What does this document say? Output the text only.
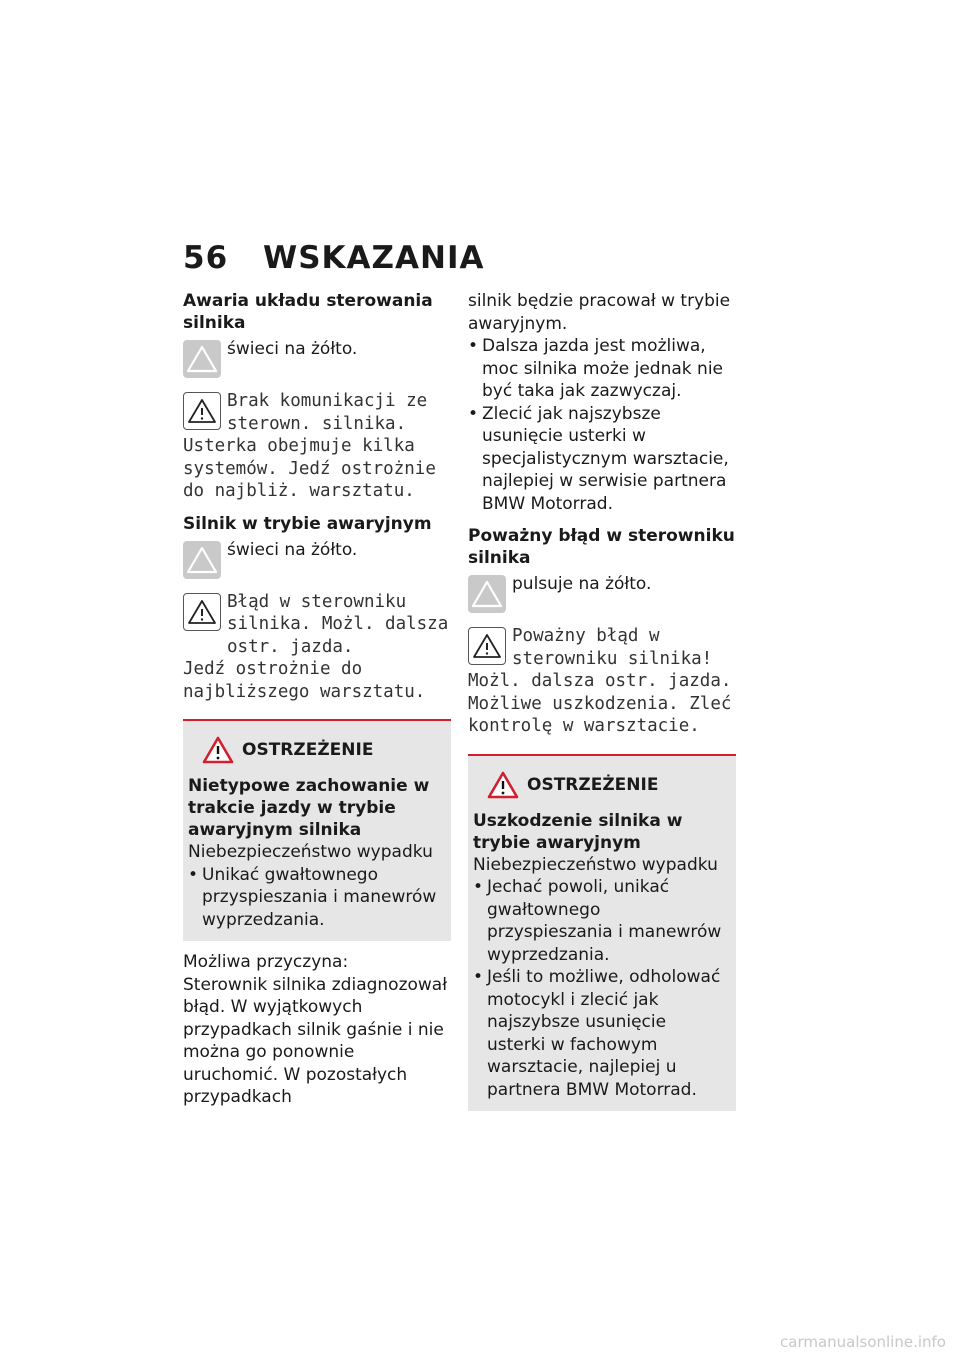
56	WSKAZANIA
Awaria układu sterowania silnika

świeci na żółto.

Brak komunikacji ze sterown. silnika.

Usterka obejmuje kilka systemów. Jedź ostrożnie do najbliż. warsztatu.

Silnik w trybie awaryjnym

świeci na żółto.

Błąd w sterowniku silnika. Możl. dalsza ostr. jazda.

Jedź ostrożnie do najbliższego warsztatu.

OSTRZEŻENIE
Nietypowe zachowanie w trakcie jazdy w trybie awaryjnym silnika

Niebezpieczeństwo wypadku

• Unikać gwałtownego przyspieszania i manewrów wyprzedzania.

Możliwa przyczyna:

Sterownik silnika zdiagnozował błąd. W wyjątkowych przypadkach silnik gaśnie i nie można go ponownie uruchomić. W pozostałych przypadkach

silnik będzie pracował w trybie awaryjnym.

• Dalsza jazda jest możliwa, moc silnika może jednak nie być taka jak zazwyczaj.
• Zlecić jak najszybsze usunięcie usterki w specjalistycznym warsztacie, najlepiej w serwisie partnera BMW Motorrad.
Poważny błąd w sterowniku silnika

pulsuje na żółto.

Poważny błąd w sterowniku silnika!

Możl. dalsza ostr. jazda. Możliwe uszkodzenia. Zleć kontrolę w warsztacie.

OSTRZEŻENIE
Uszkodzenie silnika w trybie awaryjnym

Niebezpieczeństwo wypadku

• Jechać powoli, unikać gwałtownego przyspieszania i manewrów wyprzedzania.
• Jeśli to możliwe, odholować motocykl i zlecić jak najszybsze usunięcie usterki w fachowym warsztacie, najlepiej u partnera BMW Motorrad.
carmanualsonline.info
